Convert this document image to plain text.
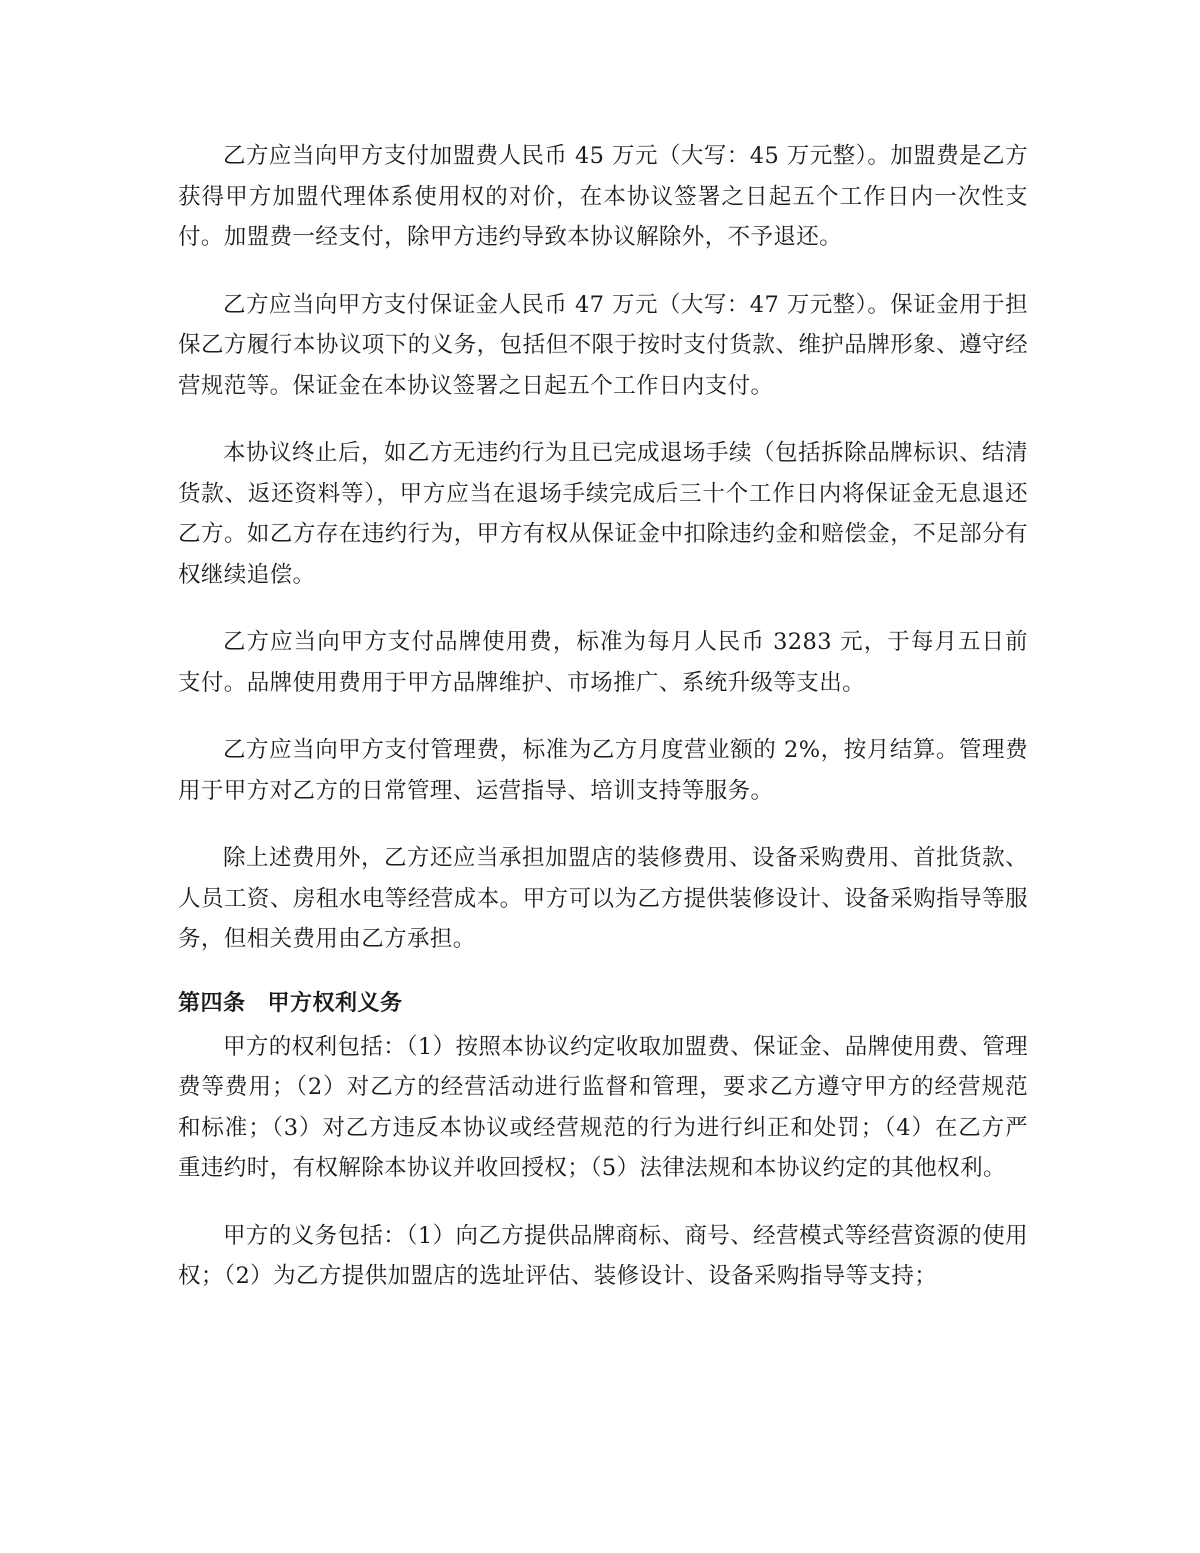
乙方应当向甲方支付加盟费人民币 45 万元（大写：45 万元整）。加盟费是乙方获得甲方加盟代理体系使用权的对价，在本协议签署之日起五个工作日内一次性支付。加盟费一经支付，除甲方违约导致本协议解除外，不予退还。

乙方应当向甲方支付保证金人民币 47 万元（大写：47 万元整）。保证金用于担保乙方履行本协议项下的义务，包括但不限于按时支付货款、维护品牌形象、遵守经营规范等。保证金在本协议签署之日起五个工作日内支付。

本协议终止后，如乙方无违约行为且已完成退场手续（包括拆除品牌标识、结清货款、返还资料等），甲方应当在退场手续完成后三十个工作日内将保证金无息退还乙方。如乙方存在违约行为，甲方有权从保证金中扣除违约金和赔偿金，不足部分有权继续追偿。

乙方应当向甲方支付品牌使用费，标准为每月人民币 3283 元，于每月五日前支付。品牌使用费用于甲方品牌维护、市场推广、系统升级等支出。

乙方应当向甲方支付管理费，标准为乙方月度营业额的 2%，按月结算。管理费用于甲方对乙方的日常管理、运营指导、培训支持等服务。

除上述费用外，乙方还应当承担加盟店的装修费用、设备采购费用、首批货款、人员工资、房租水电等经营成本。甲方可以为乙方提供装修设计、设备采购指导等服务，但相关费用由乙方承担。

第四条 甲方权利义务

甲方的权利包括：（1）按照本协议约定收取加盟费、保证金、品牌使用费、管理费等费用；（2）对乙方的经营活动进行监督和管理，要求乙方遵守甲方的经营规范和标准；（3）对乙方违反本协议或经营规范的行为进行纠正和处罚；（4）在乙方严重违约时，有权解除本协议并收回授权；（5）法律法规和本协议约定的其他权利。

甲方的义务包括：（1）向乙方提供品牌商标、商号、经营模式等经营资源的使用权；（2）为乙方提供加盟店的选址评估、装修设计、设备采购指导等支持；
